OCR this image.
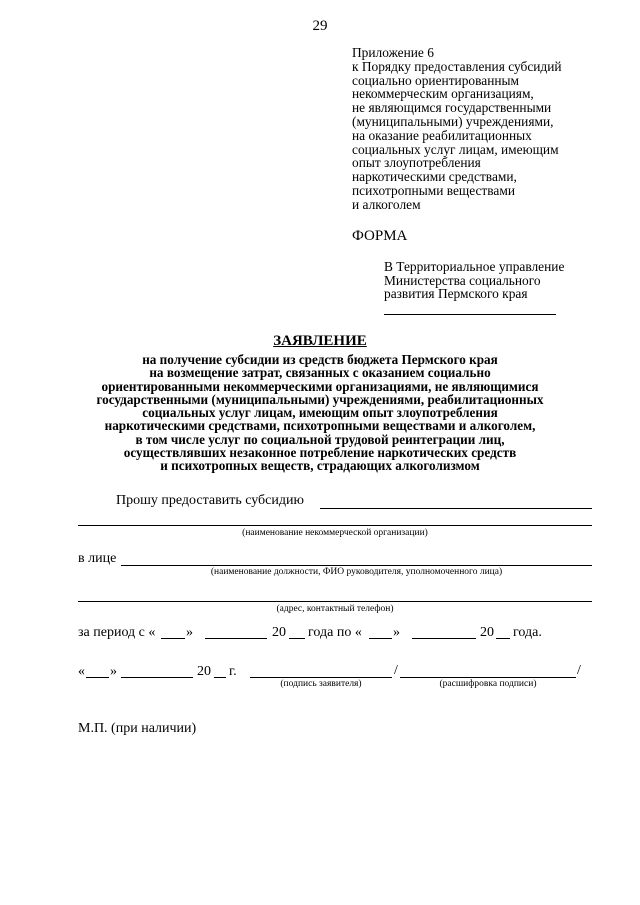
29
Приложение 6
к Порядку предоставления субсидий
социально ориентированным
некоммерческим организациям,
не являющимся государственными
(муниципальными) учреждениями,
на оказание реабилитационных
социальных услуг лицам, имеющим
опыт злоупотребления
наркотическими средствами,
психотропными веществами
и алкоголем
ФОРМА
В Территориальное управление
Министерства социального
развития Пермского края
ЗАЯВЛЕНИЕ
на получение субсидии из средств бюджета Пермского края
на возмещение затрат, связанных с оказанием социально
ориентированными некоммерческими организациями, не являющимися
государственными (муниципальными) учреждениями, реабилитационных
социальных услуг лицам, имеющим опыт злоупотребления
наркотическими средствами, психотропными веществами и алкоголем,
в том числе услуг по социальной трудовой реинтеграции лиц,
осуществлявших незаконное потребление наркотических средств
и психотропных веществ, страдающих алкоголизмом
Прошу предоставить субсидию
(наименование некоммерческой организации)
в лице
(наименование должности, ФИО руководителя, уполномоченного лица)
(адрес, контактный телефон)
за период с « »	20 года по « »	20 года.
« »	20 г.	/	/
(подпись заявителя)	(расшифровка подписи)
М.П. (при наличии)
